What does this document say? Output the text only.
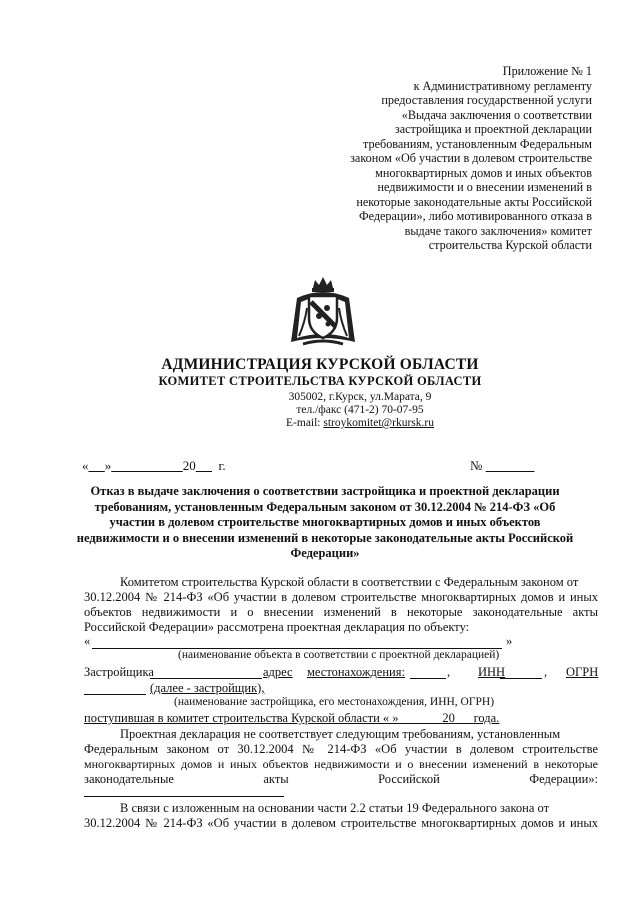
Приложение № 1
к Административному регламенту
предоставления государственной услуги
«Выдача заключения о соответствии
застройщика и проектной декларации
требованиям, установленным Федеральным
законом «Об участии в долевом строительстве
многоквартирных домов и иных объектов
недвижимости и о внесении изменений в
некоторые законодательные акты Российской
Федерации», либо мотивированного отказа в
выдаче такого заключения» комитет
строительства Курской области
АДМИНИСТРАЦИЯ КУРСКОЙ ОБЛАСТИ
КОМИТЕТ СТРОИТЕЛЬСТВА КУРСКОЙ ОБЛАСТИ
305002, г.Курск, ул.Марата, 9
тел./факс (471-2) 70-07-95
E-mail: stroykomitet@rkursk.ru
« »	20 г.	№
Отказ в выдаче заключения о соответствии застройщика и проектной декларации
требованиям, установленным Федеральным законом от 30.12.2004 № 214-ФЗ «Об
участии в долевом строительстве многоквартирных домов и иных объектов
недвижимости и о внесении изменений в некоторые законодательные акты Российской
Федерации»
Комитетом строительства Курской области в соответствии с Федеральным законом от
30.12.2004 № 214-ФЗ «Об участии в долевом строительстве многоквартирных домов и иных
объектов недвижимости и о внесении изменений в некоторые законодательные акты
Российской Федерации» рассмотрена проектная декларация по объекту:
«	»
(наименование объекта в соответствии с проектной декларацией)
Застройщика	адрес местонахождения:	, ИНН	, ОГРН
(далее - застройщик),
(наименование застройщика, его местонахождения, ИНН, ОГРН)
поступившая в комитет строительства Курской области « »	20 года.
Проектная декларация не соответствует следующим требованиям, установленным
Федеральным законом от 30.12.2004 № 214-ФЗ «Об участии в долевом строительстве
многоквартирных домов и иных объектов недвижимости и о внесении изменений в некоторые
законодательные акты Российской Федерации»:
В связи с изложенным на основании части 2.2 статьи 19 Федерального закона от
30.12.2004 № 214-ФЗ «Об участии в долевом строительстве многоквартирных домов и иных
